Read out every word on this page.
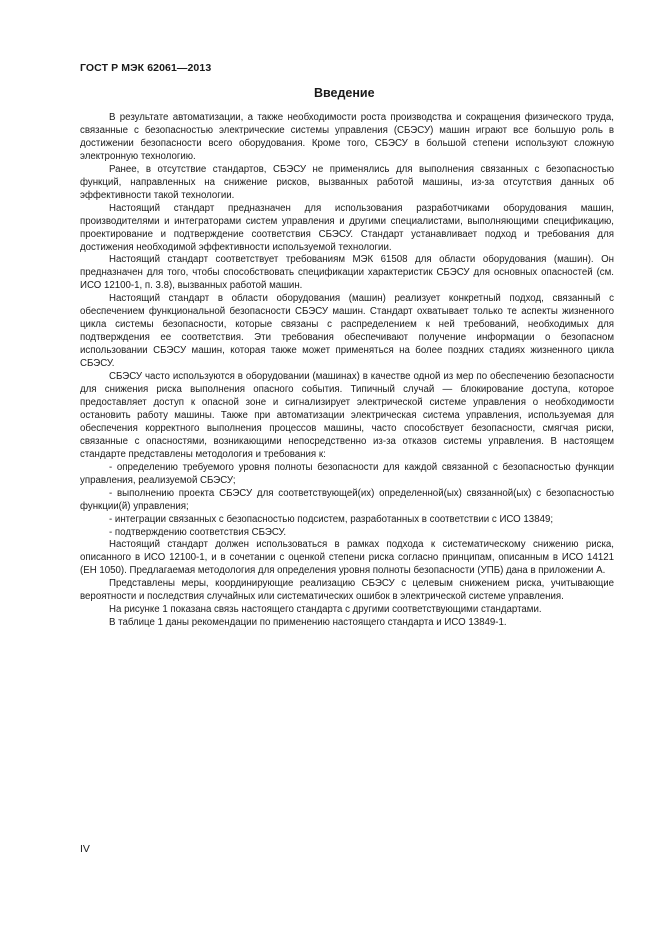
ГОСТ Р МЭК 62061—2013
Введение

В результате автоматизации, а также необходимости роста производства и сокращения физического труда, связанные с безопасностью электрические системы управления (СБЭСУ) машин играют все большую роль в достижении безопасности всего оборудования. Кроме того, СБЭСУ в большой степени используют сложную электронную технологию.

Ранее, в отсутствие стандартов, СБЭСУ не применялись для выполнения связанных с безопасностью функций, направленных на снижение рисков, вызванных работой машины, из-за отсутствия данных об эффективности такой технологии.

Настоящий стандарт предназначен для использования разработчиками оборудования машин, производителями и интеграторами систем управления и другими специалистами, выполняющими спецификацию, проектирование и подтверждение соответствия СБЭСУ. Стандарт устанавливает подход и требования для достижения необходимой эффективности используемой технологии.

Настоящий стандарт соответствует требованиям МЭК 61508 для области оборудования (машин). Он предназначен для того, чтобы способствовать спецификации характеристик СБЭСУ для основных опасностей (см. ИСО 12100-1, п. 3.8), вызванных работой машин.

Настоящий стандарт в области оборудования (машин) реализует конкретный подход, связанный с обеспечением функциональной безопасности СБЭСУ машин. Стандарт охватывает только те аспекты жизненного цикла системы безопасности, которые связаны с распределением к ней требований, необходимых для подтверждения ее соответствия. Эти требования обеспечивают получение информации о безопасном использовании СБЭСУ машин, которая также может применяться на более поздних стадиях жизненного цикла СБЭСУ.

СБЭСУ часто используются в оборудовании (машинах) в качестве одной из мер по обеспечению безопасности для снижения риска выполнения опасного события. Типичный случай — блокирование доступа, которое предоставляет доступ к опасной зоне и сигнализирует электрической системе управления о необходимости остановить работу машины. Также при автоматизации электрическая система управления, используемая для обеспечения корректного выполнения процессов машины, часто способствует безопасности, смягчая риски, связанные с опасностями, возникающими непосредственно из-за отказов системы управления. В настоящем стандарте представлены методология и требования к:

- определению требуемого уровня полноты безопасности для каждой связанной с безопасностью функции управления, реализуемой СБЭСУ;

- выполнению проекта СБЭСУ для соответствующей(их) определенной(ых) связанной(ых) с безопасностью функции(й) управления;

- интеграции связанных с безопасностью подсистем, разработанных в соответствии с ИСО 13849;

- подтверждению соответствия СБЭСУ.

Настоящий стандарт должен использоваться в рамках подхода к систематическому снижению риска, описанного в ИСО 12100-1, и в сочетании с оценкой степени риска согласно принципам, описанным в ИСО 14121 (ЕН 1050). Предлагаемая методология для определения уровня полноты безопасности (УПБ) дана в приложении А.

Представлены меры, координирующие реализацию СБЭСУ с целевым снижением риска, учитывающие вероятности и последствия случайных или систематических ошибок в электрической системе управления.

На рисунке 1 показана связь настоящего стандарта с другими соответствующими стандартами.

В таблице 1 даны рекомендации по применению настоящего стандарта и ИСО 13849-1.

IV
